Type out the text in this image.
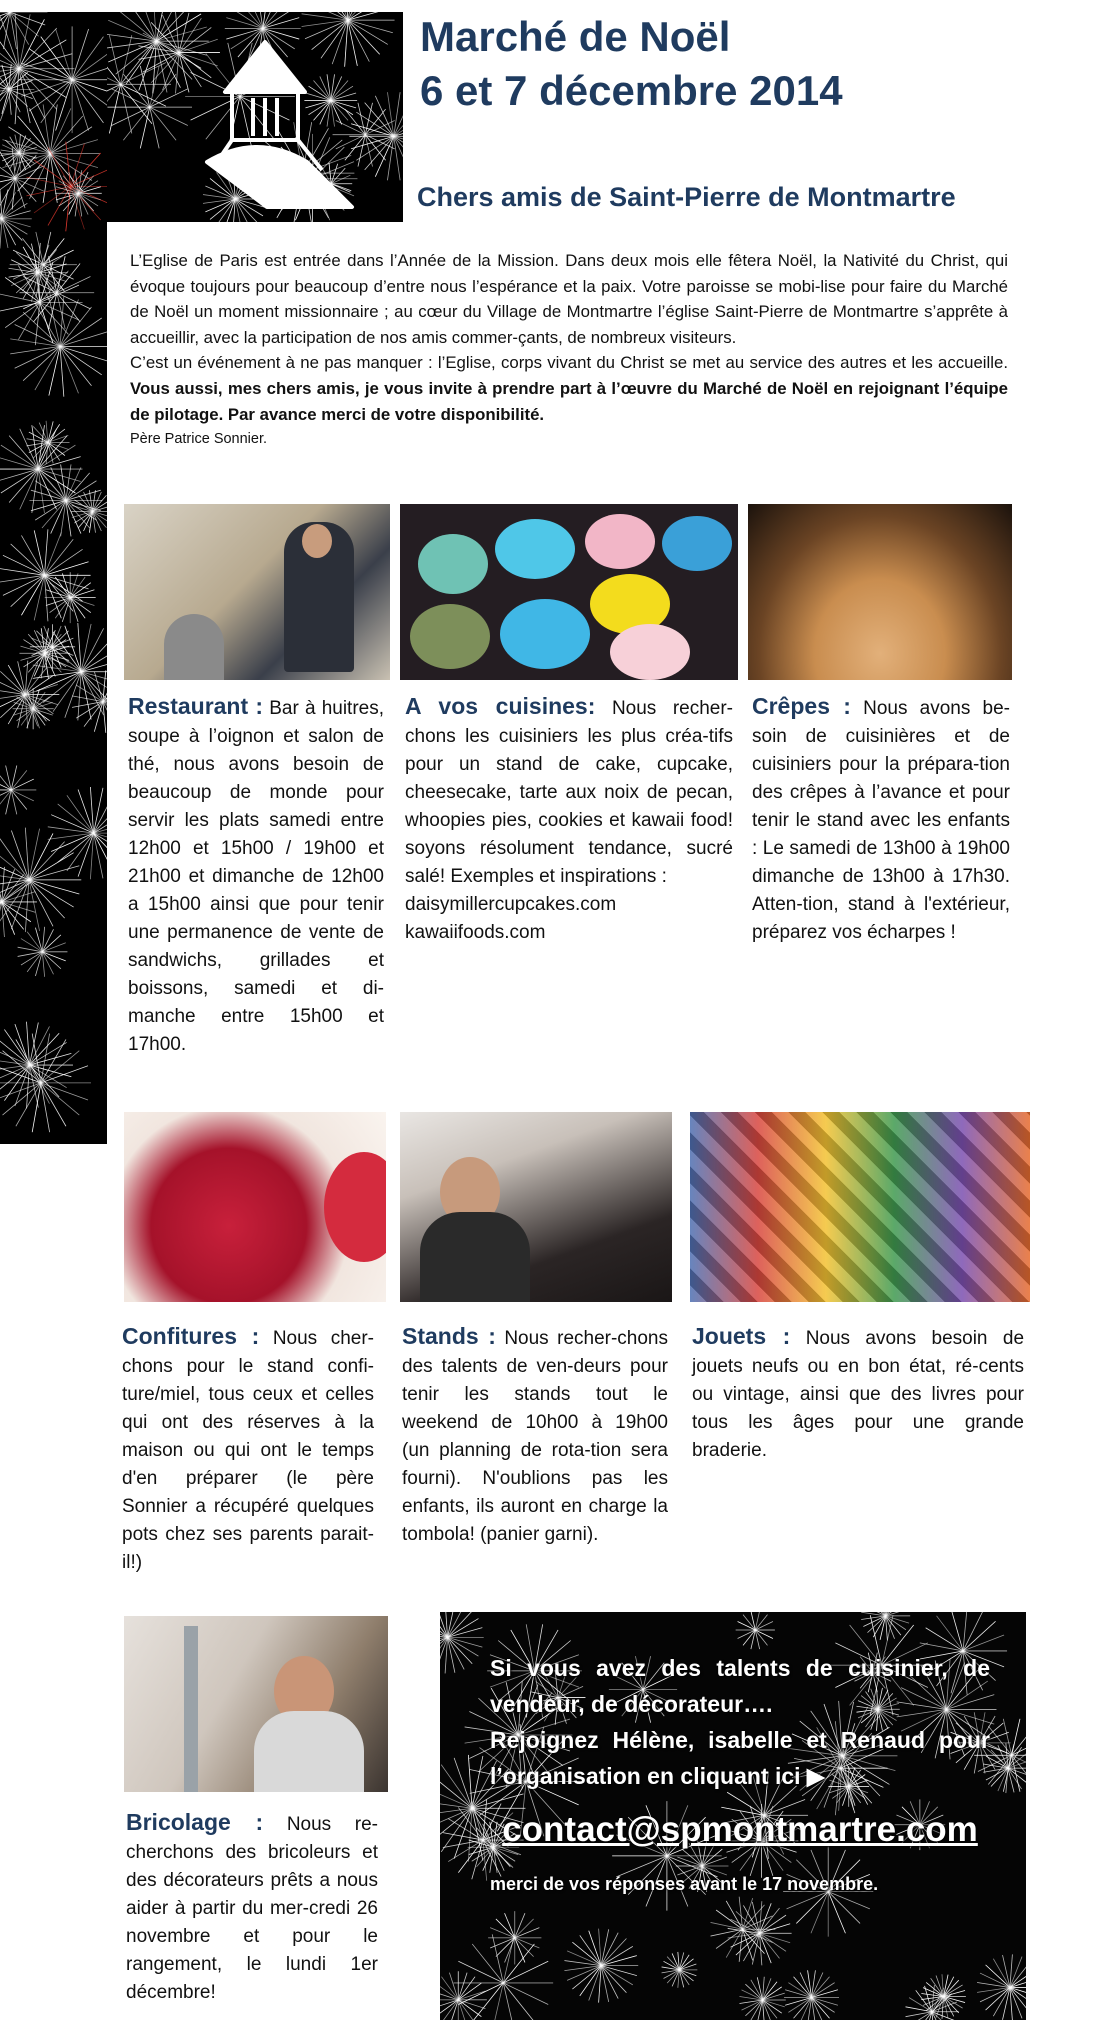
Marché de Noël
6 et 7 décembre 2014
Chers amis de Saint-Pierre de Montmartre

L’Eglise de Paris est entrée dans l’Année de la Mission. Dans deux mois elle fêtera Noël, la Nativité du Christ, qui évoque toujours pour beaucoup d’entre nous l’espérance et la paix. Votre paroisse se mobi-lise pour faire du Marché de Noël un moment missionnaire ; au cœur du Village de Montmartre l’église Saint-Pierre de Montmartre s’apprête à accueillir, avec la participation de nos amis commer-çants, de nombreux visiteurs.

C’est un événement à ne pas manquer : l’Eglise, corps vivant du Christ se met au service des autres et les accueille. Vous aussi, mes chers amis, je vous invite à prendre part à l’œuvre du Marché de Noël en rejoignant l’équipe de pilotage. Par avance merci de votre disponibilité.

Père Patrice Sonnier.

Restaurant : Bar à huitres, soupe à l’oignon et salon de thé, nous avons besoin de beaucoup de monde pour servir les plats samedi entre 12h00 et 15h00 / 19h00 et 21h00 et dimanche de 12h00 a 15h00 ainsi que pour tenir une permanence de vente de sandwichs, grillades et boissons, samedi et di-manche entre 15h00 et 17h00.
A vos cuisines: Nous recher-chons les cuisiniers les plus créa-tifs pour un stand de cake, cupcake, cheesecake, tarte aux noix de pecan, whoopies pies, cookies et kawaii food! soyons résolument tendance, sucré salé! Exemples et inspirations :
daisymillercupcakes.com
kawaiifoods.com
Crêpes : Nous avons be-soin de cuisinières et de cuisiniers pour la prépara-tion des crêpes à l’avance et pour tenir le stand avec les enfants : Le samedi de 13h00 à 19h00 dimanche de 13h00 à 17h30. Atten-tion, stand à l'extérieur, préparez vos écharpes !
Confitures : Nous cher-chons pour le stand confi-ture/miel, tous ceux et celles qui ont des réserves à la maison ou qui ont le temps d'en préparer (le père Sonnier a récupéré quelques pots chez ses parents parait-il!)
Stands : Nous recher-chons des talents de ven-deurs pour tenir les stands tout le weekend de 10h00 à 19h00 (un planning de rota-tion sera fourni). N'oublions pas les enfants, ils auront en charge la tombola! (panier garni).
Jouets : Nous avons besoin de jouets neufs ou en bon état, ré-cents ou vintage, ainsi que des livres pour tous les âges pour une grande braderie.
Bricolage : Nous re-cherchons des bricoleurs et des décorateurs prêts a nous aider à partir du mer-credi 26 novembre et pour le rangement, le lundi 1er décembre!
Si vous avez des talents de cuisinier, de vendeur, de décorateur….
Rejoignez Hélène, isabelle et Renaud pour l’organisation en cliquant ici ▶
contact@spmontmartre.com
merci de vos réponses avant le 17 novembre.
